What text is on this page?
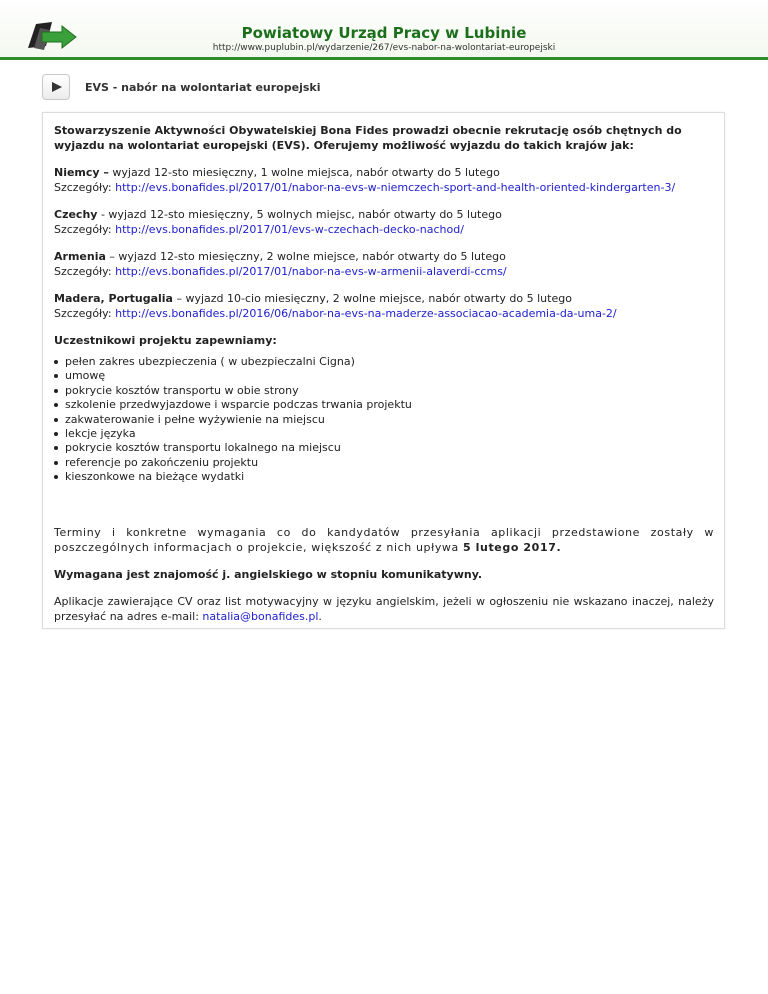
Powiatowy Urząd Pracy w Lubinie
http://www.puplubin.pl/wydarzenie/267/evs-nabor-na-wolontariat-europejski
EVS - nabór na wolontariat europejski

Stowarzyszenie Aktywności Obywatelskiej Bona Fides prowadzi obecnie rekrutację osób chętnych do wyjazdu na wolontariat europejski (EVS). Oferujemy możliwość wyjazdu do takich krajów jak:

Niemcy – wyjazd 12-sto miesięczny, 1 wolne miejsca, nabór otwarty do 5 lutego
Szczegóły: http://evs.bonafides.pl/2017/01/nabor-na-evs-w-niemczech-sport-and-health-oriented-kindergarten-3/

Czechy - wyjazd 12-sto miesięczny, 5 wolnych miejsc, nabór otwarty do 5 lutego
Szczegóły: http://evs.bonafides.pl/2017/01/evs-w-czechach-decko-nachod/

Armenia – wyjazd 12-sto miesięczny, 2 wolne miejsce, nabór otwarty do 5 lutego
Szczegóły: http://evs.bonafides.pl/2017/01/nabor-na-evs-w-armenii-alaverdi-ccms/

Madera, Portugalia – wyjazd 10-cio miesięczny, 2 wolne miejsce, nabór otwarty do 5 lutego
Szczegóły: http://evs.bonafides.pl/2016/06/nabor-na-evs-na-maderze-associacao-academia-da-uma-2/

Uczestnikowi projektu zapewniamy:

pełen zakres ubezpieczenia ( w ubezpieczalni Cigna)
umowę
pokrycie kosztów transportu w obie strony
szkolenie przedwyjazdowe i wsparcie podczas trwania projektu
zakwaterowanie i pełne wyżywienie na miejscu
lekcje języka
pokrycie kosztów transportu lokalnego na miejscu
referencje po zakończeniu projektu
kieszonkowe na bieżące wydatki

Terminy i konkretne wymagania co do kandydatów przesyłania aplikacji przedstawione zostały w poszczególnych informacjach o projekcie, większość z nich upływa 5 lutego 2017.

Wymagana jest znajomość j. angielskiego w stopniu komunikatywny.

Aplikacje zawierające CV oraz list motywacyjny w języku angielskim, jeżeli w ogłoszeniu nie wskazano inaczej, należy przesyłać na adres e-mail: natalia@bonafides.pl.
